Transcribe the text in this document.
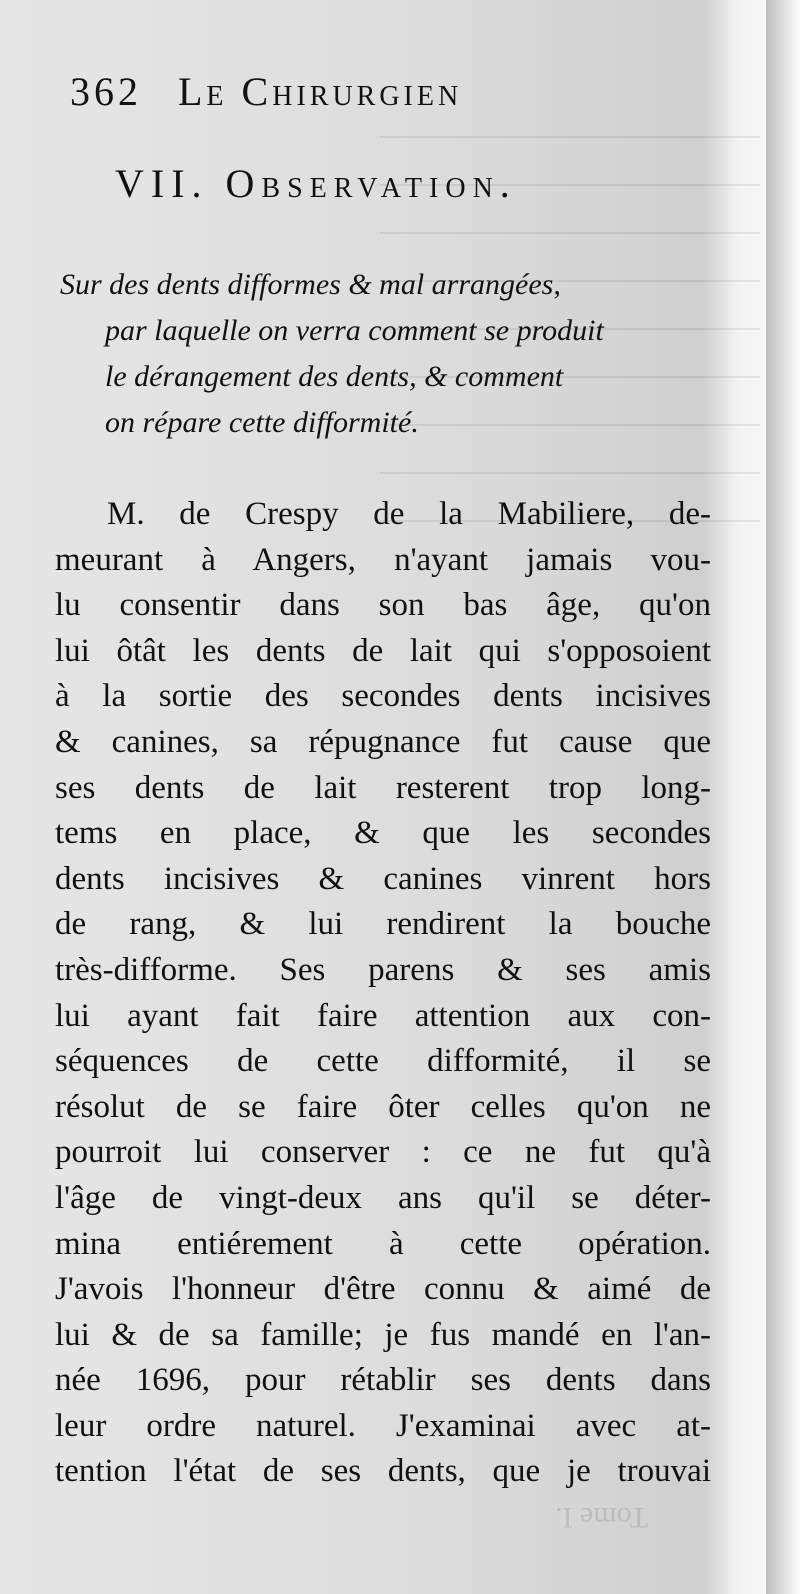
362 Le Chirurgien
VII. Observation.
Sur des dents difformes & mal arrangées,
par laquelle on verra comment se produit
le dérangement des dents, & comment
on répare cette difformité.
M. de Crespy de la Mabiliere, de-
meurant à Angers, n'ayant jamais vou-
lu consentir dans son bas âge, qu'on
lui ôtât les dents de lait qui s'opposoient
à la sortie des secondes dents incisives
& canines, sa répugnance fut cause que
ses dents de lait resterent trop long-
tems en place, & que les secondes
dents incisives & canines vinrent hors
de rang, & lui rendirent la bouche
très-difforme. Ses parens & ses amis
lui ayant fait faire attention aux con-
séquences de cette difformité, il se
résolut de se faire ôter celles qu'on ne
pourroit lui conserver : ce ne fut qu'à
l'âge de vingt-deux ans qu'il se déter-
mina entiérement à cette opération.
J'avois l'honneur d'être connu & aimé de
lui & de sa famille; je fus mandé en l'an-
née 1696, pour rétablir ses dents dans
leur ordre naturel. J'examinai avec at-
tention l'état de ses dents, que je trouvai
Tome I.
